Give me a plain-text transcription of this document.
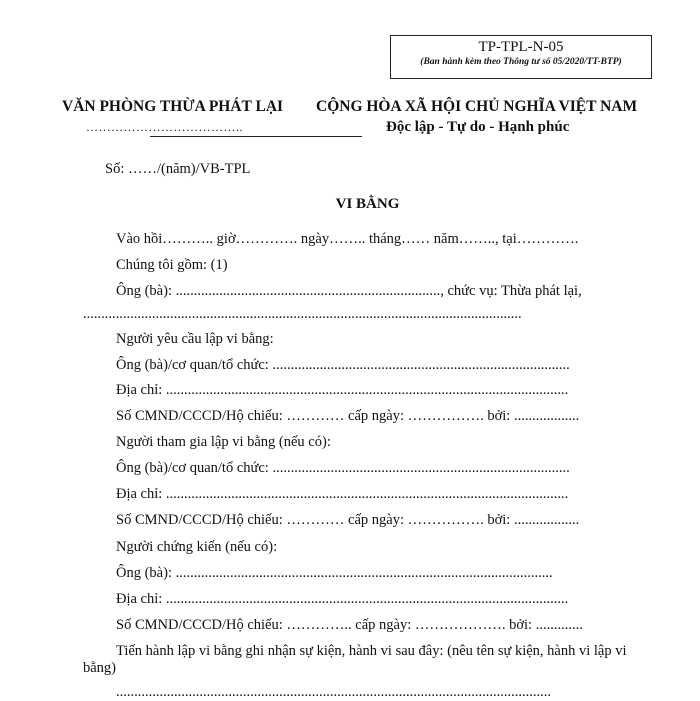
TP-TPL-N-05
(Ban hành kèm theo Thông tư số 05/2020/TT-BTP)
VĂN PHÒNG THỪA PHÁT LẠI CỘNG HÒA XÃ HỘI CHỦ NGHĨA VIỆT NAM
………………………………..	Độc lập - Tự do - Hạnh phúc
Số: ……/(năm)/VB-TPL
VI BẰNG
Vào hồi……….. giờ…………. ngày…….. tháng…… năm…….., tại………….
Chúng tôi gồm: (1)
Ông (bà): ........................................................................., chức vụ: Thừa phát lại,
.........................................................................................................................
Người yêu cầu lập vi bằng:
Ông (bà)/cơ quan/tổ chức: ..................................................................................
Địa chỉ: ...............................................................................................................
Số CMND/CCCD/Hộ chiếu: ………… cấp ngày: ……………. bởi: ..................
Người tham gia lập vi bằng (nếu có):
Ông (bà)/cơ quan/tổ chức: ..................................................................................
Địa chỉ: ...............................................................................................................
Số CMND/CCCD/Hộ chiếu: ………… cấp ngày: ……………. bởi: ..................
Người chứng kiến (nếu có):
Ông (bà): ........................................................................................................
Địa chỉ: ...............................................................................................................
Số CMND/CCCD/Hộ chiếu: ………….. cấp ngày: ………………. bởi: .............
Tiến hành lập vi bằng ghi nhận sự kiện, hành vi sau đây: (nêu tên sự kiện, hành vi lập vi bằng)
........................................................................................................................
